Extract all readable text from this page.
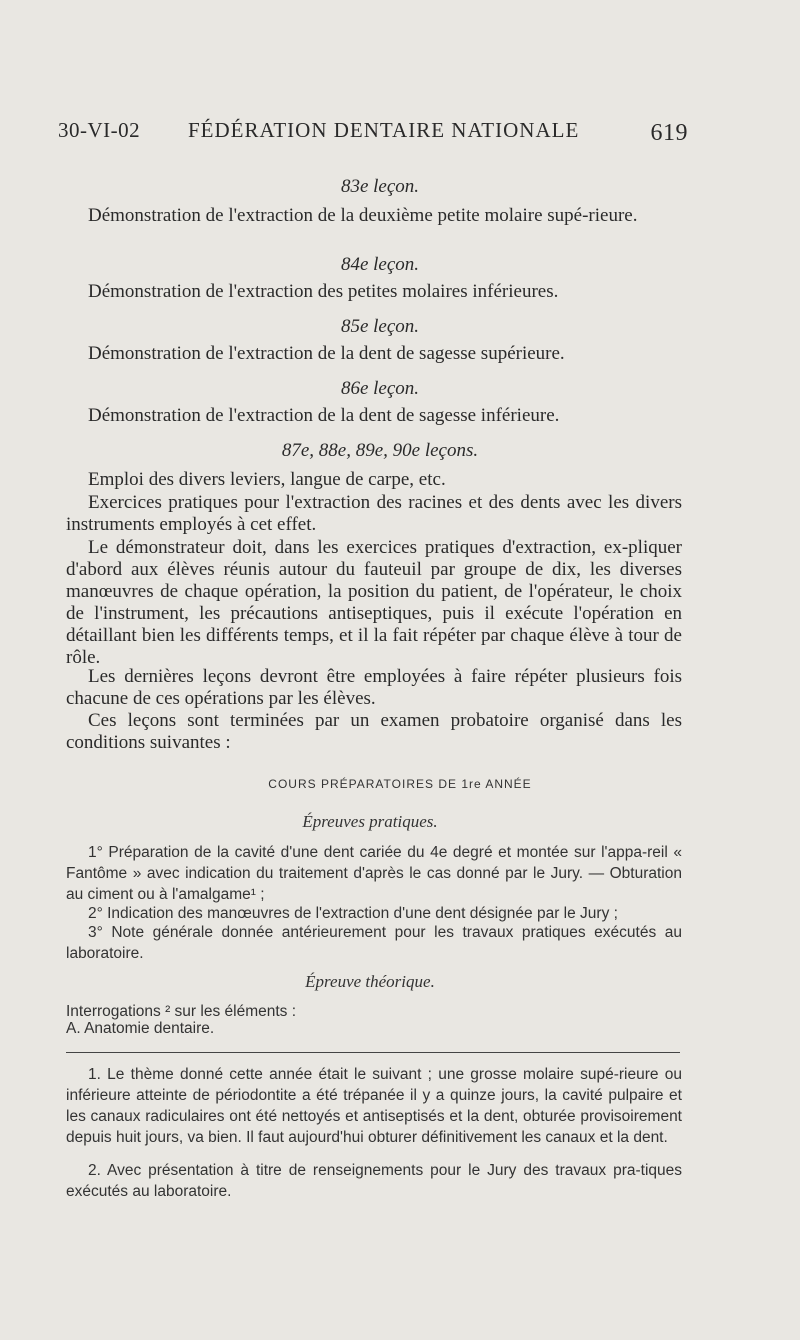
30-VI-02 FÉDÉRATION DENTAIRE NATIONALE	619
83e leçon.
Démonstration de l'extraction de la deuxième petite molaire supé-rieure.
84e leçon.
Démonstration de l'extraction des petites molaires inférieures.
85e leçon.
Démonstration de l'extraction de la dent de sagesse supérieure.
86e leçon.
Démonstration de l'extraction de la dent de sagesse inférieure.
87e, 88e, 89e, 90e leçons.
Emploi des divers leviers, langue de carpe, etc.
Exercices pratiques pour l'extraction des racines et des dents avec les divers instruments employés à cet effet.
Le démonstrateur doit, dans les exercices pratiques d'extraction, ex-pliquer d'abord aux élèves réunis autour du fauteuil par groupe de dix, les diverses manœuvres de chaque opération, la position du patient, de l'opérateur, le choix de l'instrument, les précautions antiseptiques, puis il exécute l'opération en détaillant bien les différents temps, et il la fait répéter par chaque élève à tour de rôle.
Les dernières leçons devront être employées à faire répéter plusieurs fois chacune de ces opérations par les élèves.
Ces leçons sont terminées par un examen probatoire organisé dans les conditions suivantes :
COURS PRÉPARATOIRES DE 1re ANNÉE
Épreuves pratiques.
1° Préparation de la cavité d'une dent cariée du 4e degré et montée sur l'appa-reil « Fantôme » avec indication du traitement d'après le cas donné par le Jury. — Obturation au ciment ou à l'amalgame¹ ;
2° Indication des manœuvres de l'extraction d'une dent désignée par le Jury ;
3° Note générale donnée antérieurement pour les travaux pratiques exécutés au laboratoire.
Épreuve théorique.
Interrogations ² sur les éléments :
A. Anatomie dentaire.
1. Le thème donné cette année était le suivant ; une grosse molaire supé-rieure ou inférieure atteinte de périodontite a été trépanée il y a quinze jours, la cavité pulpaire et les canaux radiculaires ont été nettoyés et antiseptisés et la dent, obturée provisoirement depuis huit jours, va bien. Il faut aujourd'hui obturer définitivement les canaux et la dent.
2. Avec présentation à titre de renseignements pour le Jury des travaux pra-tiques exécutés au laboratoire.
